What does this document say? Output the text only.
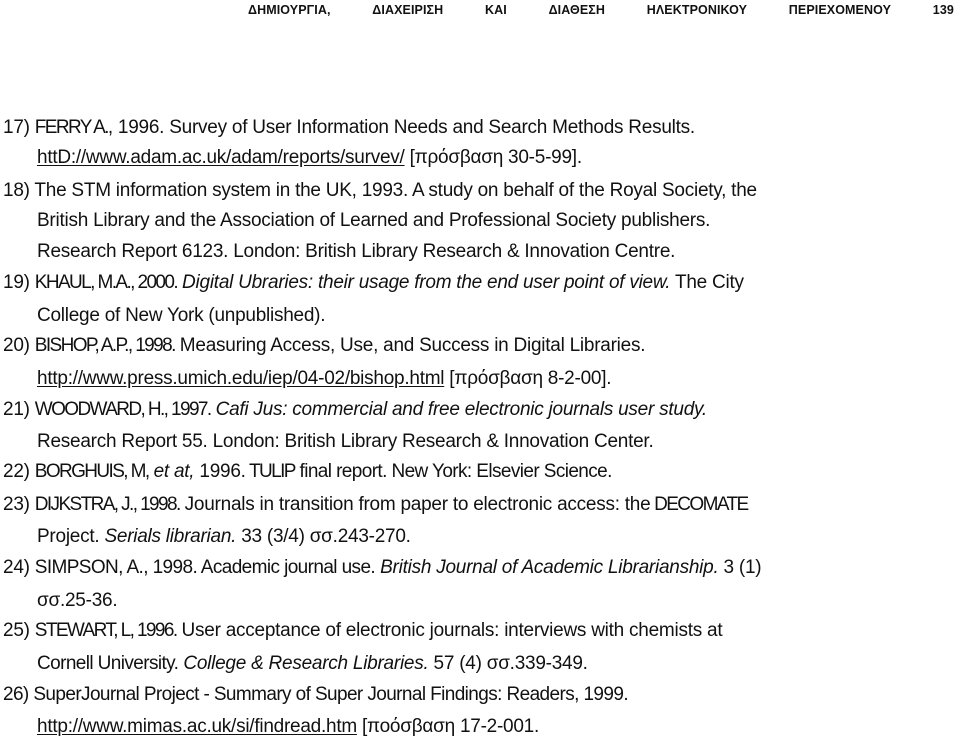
ΔΗΜΙΟΥΡΓΙΑ,	ΔΙΑΧΕΙΡΙΣΗ	ΚΑΙ	ΔΙΑΘΕΣΗ	ΗΛΕΚΤΡΟΝΙΚΟΥ	ΠΕΡΙΕΧΟΜΕΝΟΥ	139
17) FERRY A., 1996. Survey of User Information Needs and Search Methods Results.
httD://www.adam.ac.uk/adam/reports/survev/ [πρόσβαση 30-5-99].
18) The STM information system in the UK, 1993. A study on behalf of the Royal Society, the
British Library and the Association of Learned and Professional Society publishers.
Research Report 6123. London: British Library Research & Innovation Centre.
19) KHAUL, M.A., 2000. Digital Ubraries: their usage from the end user point of view. The City
College of New York (unpublished).
20) BISHOP, A.P., 1998. Measuring Access, Use, and Success in Digital Libraries.
http://www.press.umich.edu/iep/04-02/bishop.html [πρόσβαση 8-2-00].
21) WOODWARD, H., 1997. Cafi Jus: commercial and free electronic journals user study.
Research Report 55. London: British Library Research & Innovation Center.
22) BORGHUIS, M, et at, 1996. TULIP final report. New York: Elsevier Science.
23) DIJKSTRA, J., 1998. Journals in transition from paper to electronic access: the DECOMATE
Project. Serials librarian. 33 (3/4) σσ.243-270.
24) SIMPSON, A., 1998. Academic journal use. British Journal of Academic Librarianship. 3 (1)
σσ.25-36.
25) STEWART, L, 1996. User acceptance of electronic journals: interviews with chemists at
Cornell University. College & Research Libraries. 57 (4) σσ.339-349.
26) SuperJournal Project - Summary of Super Journal Findings: Readers, 1999.
http://www.mimas.ac.uk/si/findread.htm [ποόσβαση 17-2-001.
